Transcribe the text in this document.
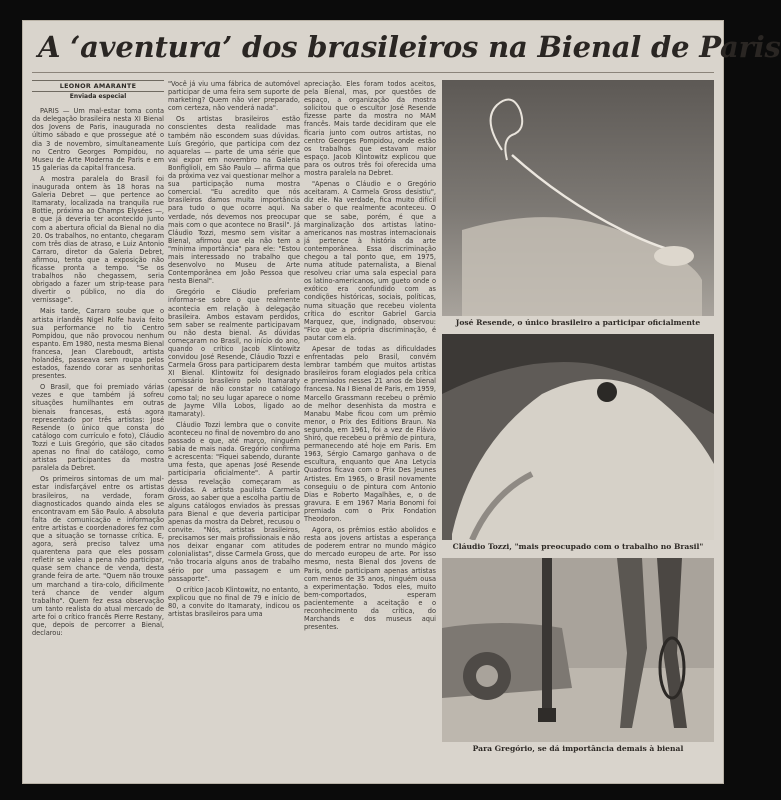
A ‘aventura’ dos brasileiros na Bienal de Paris
LEONOR AMARANTE
Enviada especial

PARIS — Um mal-estar toma conta da delegação brasileira nesta XI Bienal dos Jovens de Paris, inaugurada no último sábado e que prossegue até o dia 3 de novembro, simultaneamente no Centro Georges Pompidou, no Museu de Arte Moderna de Paris e em 15 galerias da capital francesa.

A mostra paralela do Brasil foi inaugurada ontem às 18 horas na Galeria Debret — que pertence ao Itamaraty, localizada na tranquila rue Bottie, próxima ao Champs Elysées —, e que já deveria ter acontecido junto com a abertura oficial da Bienal no dia 20. Os trabalhos, no entanto, chegaram com três dias de atraso, e Luiz Antonio Carraro, diretor da Galeria Debret, afirmou, tenta que a exposição não ficasse pronta a tempo. "Se os trabalhos não chegassem, seria obrigado a fazer um strip-tease para divertir o público, no dia do vernissage".

Mais tarde, Carraro soube que o artista irlandês Nigel Rolfe havia feito sua performance no tio Centro Pompidou, que não provocou nenhum espanto. Em 1980, nesta mesma Bienal francesa, Jean Clareboudt, artista holandês, passeava sem roupa pelos estados, fazendo corar as senhoritas presentes.

O Brasil, que foi premiado várias vezes e que também já sofreu situações humilhantes em outras bienais francesas, está agora representado por três artistas: José Resende (o único que consta do catálogo com currículo e foto), Cláudio Tozzi e Luis Gregório, que são citados apenas no final do catálogo, como artistas participantes da mostra paralela da Debret.

Os primeiros sintomas de um mal-estar indisfarçável entre os artistas brasileiros, na verdade, foram diagnosticados quando ainda eles se encontravam em São Paulo. A absoluta falta de comunicação e informação entre artistas e coordenadores fez com que a situação se tornasse crítica. E, agora, será preciso talvez uma quarentena para que eles possam refletir se valeu a pena não participar, quase sem chance de venda, desta grande feira de arte. "Quem não trouxe um marchand a tira-colo, dificilmente terá chance de vender algum trabalho". Quem fez essa observação um tanto realista do atual mercado de arte foi o crítico francês Pierre Restany, que, depois de percorrer a Bienal, declarou:

"Você já viu uma fábrica de automóvel participar de uma feira sem suporte de marketing? Quem não vier preparado, com certeza, não venderá nada".

Os artistas brasileiros estão conscientes desta realidade mas também não escondem suas dúvidas. Luís Gregório, que participa com dez aquarelas — parte de uma série que vai expor em novembro na Galeria Bonfiglioli, em São Paulo — afirma que da próxima vez vai questionar melhor a sua participação numa mostra comercial. "Eu acredito que nós brasileiros damos muita importância para tudo o que ocorre aqui. Na verdade, nós devemos nos preocupar mais com o que acontece no Brasil". Já Cláudio Tozzi, mesmo sem visitar a Bienal, afirmou que ela não tem a "mínima importância" para ele: "Estou mais interessado no trabalho que desenvolvo no Museu de Arte Contemporânea em João Pessoa que nesta Bienal".

Gregório e Cláudio preferiam informar-se sobre o que realmente acontecia em relação à delegação brasileira. Ambos estavam perdidos, sem saber se realmente participavam ou não desta bienal. As dúvidas começaram no Brasil, no início do ano, quando o crítico Jacob Klintowitz convidou José Resende, Cláudio Tozzi e Carmela Gross para participarem desta XI Bienal. Klintowitz foi designado comissário brasileiro pelo Itamaraty (apesar de não constar no catálogo como tal; no seu lugar aparece o nome de Jayme Villa Lobos, ligado ao Itamaraty).

Cláudio Tozzi lembra que o convite aconteceu no final de novembro do ano passado e que, até março, ninguém sabia de mais nada. Gregório confirma e acrescenta: "Fiquei sabendo, durante uma festa, que apenas José Resende participaria oficialmente". A partir dessa revelação começaram as dúvidas. A artista paulista Carmela Gross, ao saber que a escolha partiu de alguns catálogos enviados às pressas para Bienal e que deveria participar apenas da mostra da Debret, recusou o convite. "Nós, artistas brasileiros, precisamos ser mais profissionais e não nos deixar enganar com atitudes colonialistas", disse Carmela Gross, que "não trocaria alguns anos de trabalho sério por uma passagem e um passaporte".

O crítico Jacob Klintowitz, no entanto, explicou que no final de 79 e início de 80, a convite do Itamaraty, indicou os artistas brasileiros para uma

apreciação. Eles foram todos aceitos, pela Bienal, mas, por questões de espaço, a organização da mostra solicitou que o escultor José Resende fizesse parte da mostra no MAM francês. Mais tarde decidiram que ele ficaria junto com outros artistas, no centro Georges Pompidou, onde estão os trabalhos que estavam maior espaço. Jacob Klintowitz explicou que para os outros três foi oferecida uma mostra paralela na Debret.

"Apenas o Cláudio e o Gregório aceitaram. A Carmela Gross desistiu", diz ele. Na verdade, fica muito difícil saber o que realmente aconteceu. O que se sabe, porém, é que a marginalização dos artistas latino-americanos nas mostras internacionais já pertence à história da arte contemporânea. Essa discriminação chegou a tal ponto que, em 1975, numa atitude paternalista, a Bienal resolveu criar uma sala especial para os latino-americanos, um gueto onde o exótico era confundido com as condições históricas, sociais, políticas, numa situação que recebeu violenta crítica do escritor Gabriel Garcia Marquez, que, indignado, observou: "Fico que a própria discriminação, é pautar com ela.

Apesar de todas as dificuldades enfrentadas pelo Brasil, convém lembrar também que muitos artistas brasileiros foram elogiados pela crítica e premiados nesses 21 anos de bienal francesa. Na I Bienal de Paris, em 1959, Marcello Grassmann recebeu o prêmio de melhor desenhista da mostra e Manabu Mabe ficou com um prêmio menor, o Prix des Editions Braun. Na segunda, em 1961, foi a vez de Flávio Shiró, que recebeu o prêmio de pintura, permanecendo até hoje em Paris. Em 1963, Sérgio Camargo ganhava o de escultura, enquanto que Ana Letycia Quadros ficava com o Prix Des Jeunes Artistes. Em 1965, o Brasil novamente conseguiu o de pintura com Antonio Dias e Roberto Magalhães, e, o de gravura. E em 1967 Maria Bonomi foi premiada com o Prix Fondation Theodoron.

Agora, os prêmios estão abolidos e resta aos jovens artistas a esperança de poderem entrar no mundo mágico do mercado europeu de arte. Por isso mesmo, nesta Bienal dos Jovens de Paris, onde participam apenas artistas com menos de 35 anos, ninguém ousa a experimentação. Todos eles, muito bem-comportados, esperam pacientemente a aceitação e o reconhecimento da crítica, do Marchands e dos museus aqui presentes.

José Resende, o único brasileiro a participar oficialmente
Cláudio Tozzi, "mais preocupado com o trabalho no Brasil"
Para Gregório, se dá importância demais à bienal
